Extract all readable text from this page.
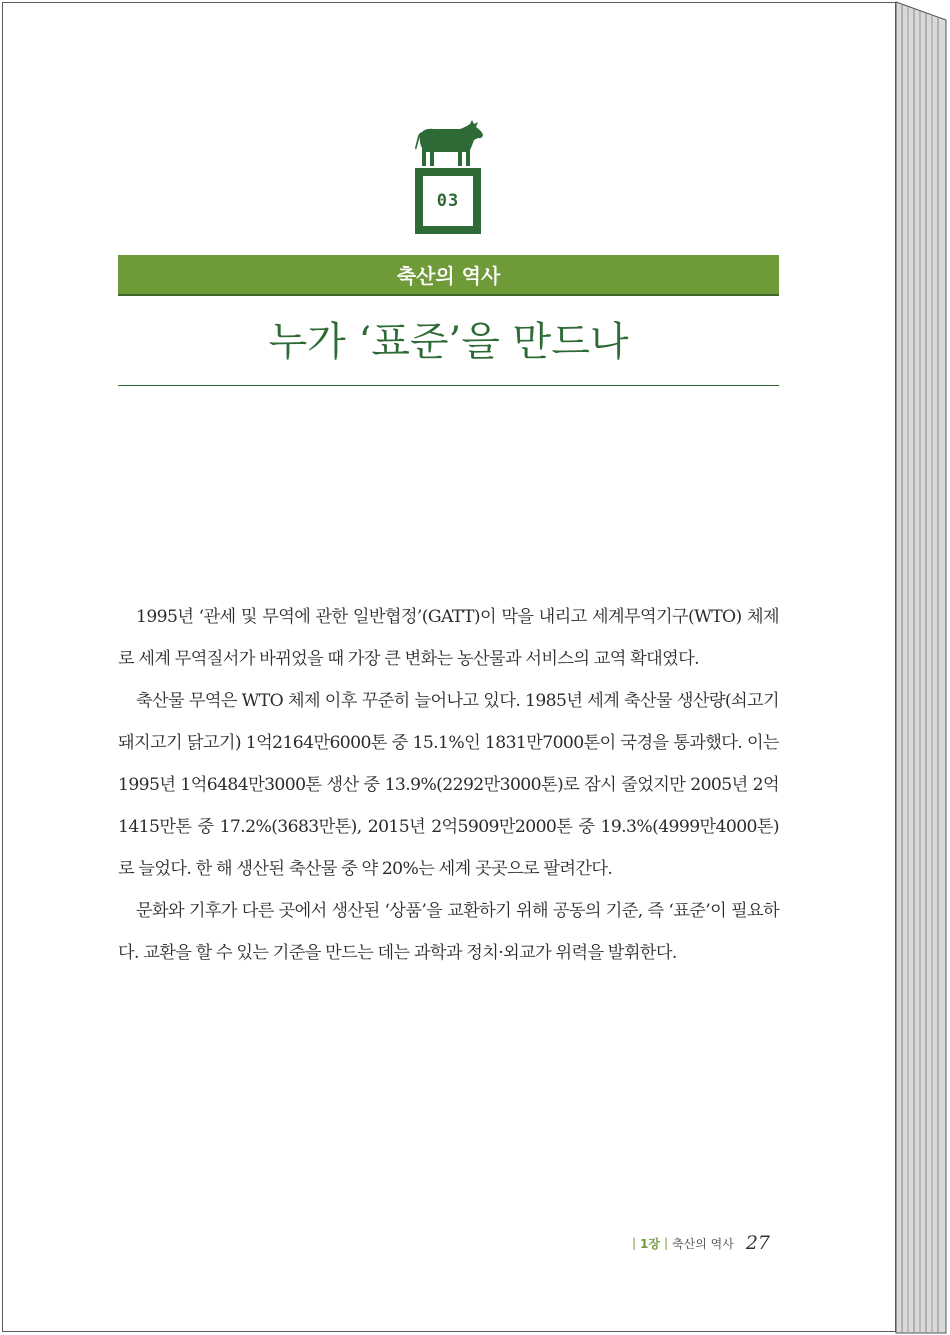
03
축산의 역사
누가 ‘표준’을 만드나

1995년 ‘관세 및 무역에 관한 일반협정’(GATT)이 막을 내리고 세계무역기구(WTO) 체제로 세계 무역질서가 바뀌었을 때 가장 큰 변화는 농산물과 서비스의 교역 확대였다.

축산물 무역은 WTO 체제 이후 꾸준히 늘어나고 있다. 1985년 세계 축산물 생산량(쇠고기 돼지고기 닭고기) 1억2164만6000톤 중 15.1%인 1831만7000톤이 국경을 통과했다. 이는 1995년 1억6484만3000톤 생산 중 13.9%(2292만3000톤)로 잠시 줄었지만 2005년 2억1415만톤 중 17.2%(3683만톤), 2015년 2억5909만2000톤 중 19.3%(4999만4000톤)로 늘었다. 한 해 생산된 축산물 중 약 20%는 세계 곳곳으로 팔려간다.

문화와 기후가 다른 곳에서 생산된 ‘상품’을 교환하기 위해 공동의 기준, 즉 ‘표준’이 필요하다. 교환을 할 수 있는 기준을 만드는 데는 과학과 정치·외교가 위력을 발휘한다.

| 1장 | 축산의 역사 27
